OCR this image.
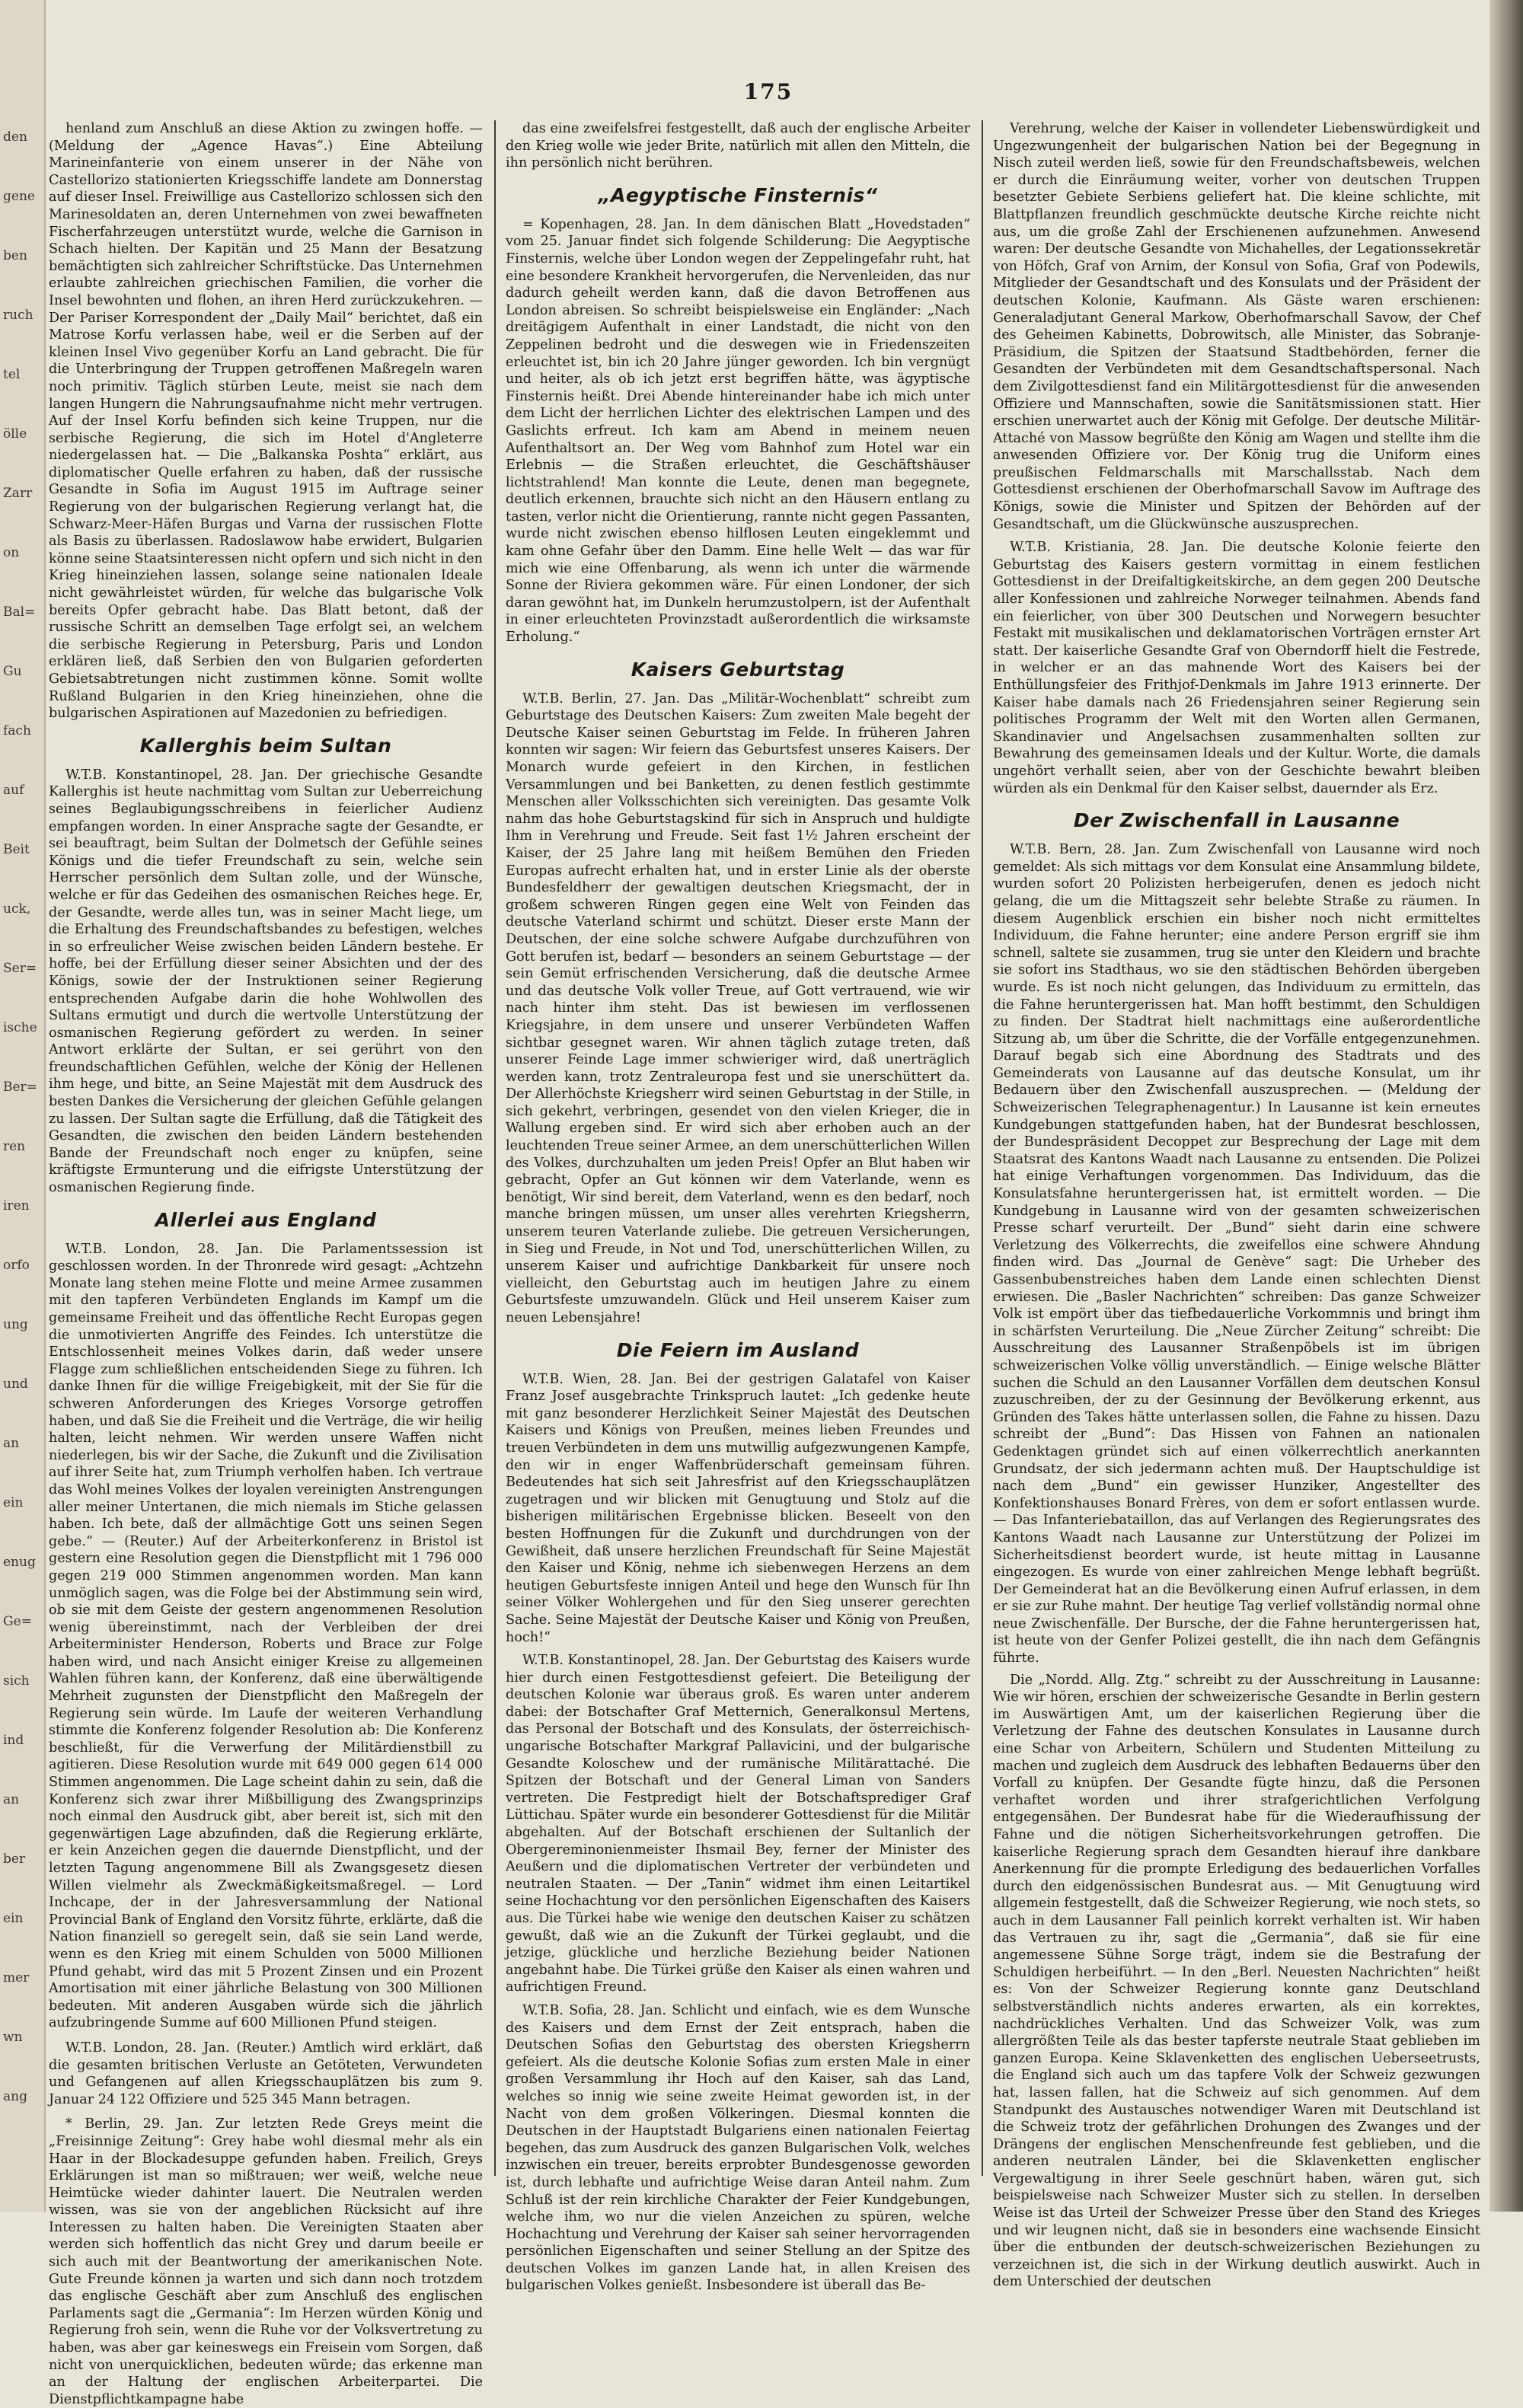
den
gene
ben
ruch
tel
ölle
Zarr
on
Bal=
Gu
fach
auf
Beit
uck,
Ser=
ische
Ber=
ren
iren
orfo
ung
und
an
ein
enug
Ge=
sich
ind
an
ber
ein
mer
wn
ang
175

henland zum Anschluß an diese Aktion zu zwingen hoffe. — (Meldung der „Agence Havas“.) Eine Abteilung Marineinfanterie von einem unserer in der Nähe von Castellorizo stationierten Kriegsschiffe landete am Donnerstag auf dieser Insel. Freiwillige aus Castellorizo schlossen sich den Marinesoldaten an, deren Unternehmen von zwei bewaffneten Fischerfahrzeugen unterstützt wurde, welche die Garnison in Schach hielten. Der Kapitän und 25 Mann der Besatzung bemächtigten sich zahlreicher Schriftstücke. Das Unternehmen erlaubte zahlreichen griechischen Familien, die vorher die Insel bewohnten und flohen, an ihren Herd zurückzukehren. — Der Pariser Korrespondent der „Daily Mail“ berichtet, daß ein Matrose Korfu verlassen habe, weil er die Serben auf der kleinen Insel Vivo gegenüber Korfu an Land gebracht. Die für die Unterbringung der Truppen getroffenen Maßregeln waren noch primitiv. Täglich stürben Leute, meist sie nach dem langen Hungern die Nahrungsaufnahme nicht mehr vertrugen. Auf der Insel Korfu befinden sich keine Truppen, nur die serbische Regierung, die sich im Hotel d'Angleterre niedergelassen hat. — Die „Balkanska Poshta“ erklärt, aus diplomatischer Quelle erfahren zu haben, daß der russische Gesandte in Sofia im August 1915 im Auftrage seiner Regierung von der bulgarischen Regierung verlangt hat, die Schwarz-Meer-Häfen Burgas und Varna der russischen Flotte als Basis zu überlassen. Radoslawow habe erwidert, Bulgarien könne seine Staatsinteressen nicht opfern und sich nicht in den Krieg hineinziehen lassen, solange seine nationalen Ideale nicht gewährleistet würden, für welche das bulgarische Volk bereits Opfer gebracht habe. Das Blatt betont, daß der russische Schritt an demselben Tage erfolgt sei, an welchem die serbische Regierung in Petersburg, Paris und London erklären ließ, daß Serbien den von Bulgarien geforderten Gebietsabtretungen nicht zustimmen könne. Somit wollte Rußland Bulgarien in den Krieg hineinziehen, ohne die bulgarischen Aspirationen auf Mazedonien zu befriedigen.

Kallerghis beim Sultan

W.T.B. Konstantinopel, 28. Jan. Der griechische Gesandte Kallerghis ist heute nachmittag vom Sultan zur Ueberreichung seines Beglaubigungsschreibens in feierlicher Audienz empfangen worden. In einer Ansprache sagte der Gesandte, er sei beauftragt, beim Sultan der Dolmetsch der Gefühle seines Königs und die tiefer Freundschaft zu sein, welche sein Herrscher persönlich dem Sultan zolle, und der Wünsche, welche er für das Gedeihen des osmanischen Reiches hege. Er, der Gesandte, werde alles tun, was in seiner Macht liege, um die Erhaltung des Freundschaftsbandes zu befestigen, welches in so erfreulicher Weise zwischen beiden Ländern bestehe. Er hoffe, bei der Erfüllung dieser seiner Absichten und der des Königs, sowie der der Instruktionen seiner Regierung entsprechenden Aufgabe darin die hohe Wohlwollen des Sultans ermutigt und durch die wertvolle Unterstützung der osmanischen Regierung gefördert zu werden. In seiner Antwort erklärte der Sultan, er sei gerührt von den freundschaftlichen Gefühlen, welche der König der Hellenen ihm hege, und bitte, an Seine Majestät mit dem Ausdruck des besten Dankes die Versicherung der gleichen Gefühle gelangen zu lassen. Der Sultan sagte die Erfüllung, daß die Tätigkeit des Gesandten, die zwischen den beiden Ländern bestehenden Bande der Freundschaft noch enger zu knüpfen, seine kräftigste Ermunterung und die eifrigste Unterstützung der osmanischen Regierung finde.

Allerlei aus England

W.T.B. London, 28. Jan. Die Parlamentssession ist geschlossen worden. In der Thronrede wird gesagt: „Achtzehn Monate lang stehen meine Flotte und meine Armee zusammen mit den tapferen Verbündeten Englands im Kampf um die gemeinsame Freiheit und das öffentliche Recht Europas gegen die unmotivierten Angriffe des Feindes. Ich unterstütze die Entschlossenheit meines Volkes darin, daß weder unsere Flagge zum schließlichen entscheidenden Siege zu führen. Ich danke Ihnen für die willige Freigebigkeit, mit der Sie für die schweren Anforderungen des Krieges Vorsorge getroffen haben, und daß Sie die Freiheit und die Verträge, die wir heilig halten, leicht nehmen. Wir werden unsere Waffen nicht niederlegen, bis wir der Sache, die Zukunft und die Zivilisation auf ihrer Seite hat, zum Triumph verholfen haben. Ich vertraue das Wohl meines Volkes der loyalen vereinigten Anstrengungen aller meiner Untertanen, die mich niemals im Stiche gelassen haben. Ich bete, daß der allmächtige Gott uns seinen Segen gebe.“ — (Reuter.) Auf der Arbeiterkonferenz in Bristol ist gestern eine Resolution gegen die Dienstpflicht mit 1 796 000 gegen 219 000 Stimmen angenommen worden. Man kann unmöglich sagen, was die Folge bei der Abstimmung sein wird, ob sie mit dem Geiste der gestern angenommenen Resolution wenig übereinstimmt, nach der Verbleiben der drei Arbeiterminister Henderson, Roberts und Brace zur Folge haben wird, und nach Ansicht einiger Kreise zu allgemeinen Wahlen führen kann, der Konferenz, daß eine überwältigende Mehrheit zugunsten der Dienstpflicht den Maßregeln der Regierung sein würde. Im Laufe der weiteren Verhandlung stimmte die Konferenz folgender Resolution ab: Die Konferenz beschließt, für die Verwerfung der Militärdienstbill zu agitieren. Diese Resolution wurde mit 649 000 gegen 614 000 Stimmen angenommen. Die Lage scheint dahin zu sein, daß die Konferenz sich zwar ihrer Mißbilligung des Zwangsprinzips noch einmal den Ausdruck gibt, aber bereit ist, sich mit den gegenwärtigen Lage abzufinden, daß die Regierung erklärte, er kein Anzeichen gegen die dauernde Dienstpflicht, und der letzten Tagung angenommene Bill als Zwangsgesetz diesen Willen vielmehr als Zweckmäßigkeitsmaßregel. — Lord Inchcape, der in der Jahresversammlung der National Provincial Bank of England den Vorsitz führte, erklärte, daß die Nation finanziell so geregelt sein, daß sie sein Land werde, wenn es den Krieg mit einem Schulden von 5000 Millionen Pfund gehabt, wird das mit 5 Prozent Zinsen und ein Prozent Amortisation mit einer jährliche Belastung von 300 Millionen bedeuten. Mit anderen Ausgaben würde sich die jährlich aufzubringende Summe auf 600 Millionen Pfund steigen.

W.T.B. London, 28. Jan. (Reuter.) Amtlich wird erklärt, daß die gesamten britischen Verluste an Getöteten, Verwundeten und Gefangenen auf allen Kriegsschauplätzen bis zum 9. Januar 24 122 Offiziere und 525 345 Mann betragen.

* Berlin, 29. Jan. Zur letzten Rede Greys meint die „Freisinnige Zeitung“: Grey habe wohl diesmal mehr als ein Haar in der Blockadesuppe gefunden haben. Freilich, Greys Erklärungen ist man so mißtrauen; wer weiß, welche neue Heimtücke wieder dahinter lauert. Die Neutralen werden wissen, was sie von der angeblichen Rücksicht auf ihre Interessen zu halten haben. Die Vereinigten Staaten aber werden sich hoffentlich das nicht Grey und darum beeile er sich auch mit der Beantwortung der amerikanischen Note. Gute Freunde können ja warten und sich dann noch trotzdem das englische Geschäft aber zum Anschluß des englischen Parlaments sagt die „Germania“: Im Herzen würden König und Regierung froh sein, wenn die Ruhe vor der Volksvertretung zu haben, was aber gar keineswegs ein Freisein vom Sorgen, daß nicht von unerquicklichen, bedeuten würde; das erkenne man an der Haltung der englischen Arbeiterpartei. Die Dienstpflichtkampagne habe

das eine zweifelsfrei festgestellt, daß auch der englische Arbeiter den Krieg wolle wie jeder Brite, natürlich mit allen den Mitteln, die ihn persönlich nicht berühren.

„Aegyptische Finsternis“

= Kopenhagen, 28. Jan. In dem dänischen Blatt „Hovedstaden“ vom 25. Januar findet sich folgende Schilderung: Die Aegyptische Finsternis, welche über London wegen der Zeppelingefahr ruht, hat eine besondere Krankheit hervorgerufen, die Nervenleiden, das nur dadurch geheilt werden kann, daß die davon Betroffenen aus London abreisen. So schreibt beispielsweise ein Engländer: „Nach dreitägigem Aufenthalt in einer Landstadt, die nicht von den Zeppelinen bedroht und die deswegen wie in Friedenszeiten erleuchtet ist, bin ich 20 Jahre jünger geworden. Ich bin vergnügt und heiter, als ob ich jetzt erst begriffen hätte, was ägyptische Finsternis heißt. Drei Abende hintereinander habe ich mich unter dem Licht der herrlichen Lichter des elektrischen Lampen und des Gaslichts erfreut. Ich kam am Abend in meinem neuen Aufenthaltsort an. Der Weg vom Bahnhof zum Hotel war ein Erlebnis — die Straßen erleuchtet, die Geschäftshäuser lichtstrahlend! Man konnte die Leute, denen man begegnete, deutlich erkennen, brauchte sich nicht an den Häusern entlang zu tasten, verlor nicht die Orientierung, rannte nicht gegen Passanten, wurde nicht zwischen ebenso hilflosen Leuten eingeklemmt und kam ohne Gefahr über den Damm. Eine helle Welt — das war für mich wie eine Offenbarung, als wenn ich unter die wärmende Sonne der Riviera gekommen wäre. Für einen Londoner, der sich daran gewöhnt hat, im Dunkeln herumzustolpern, ist der Aufenthalt in einer erleuchteten Provinzstadt außerordentlich die wirksamste Erholung.“

Kaisers Geburtstag

W.T.B. Berlin, 27. Jan. Das „Militär-Wochenblatt“ schreibt zum Geburtstage des Deutschen Kaisers: Zum zweiten Male begeht der Deutsche Kaiser seinen Geburtstag im Felde. In früheren Jahren konnten wir sagen: Wir feiern das Geburtsfest unseres Kaisers. Der Monarch wurde gefeiert in den Kirchen, in festlichen Versammlungen und bei Banketten, zu denen festlich gestimmte Menschen aller Volksschichten sich vereinigten. Das gesamte Volk nahm das hohe Geburtstagskind für sich in Anspruch und huldigte Ihm in Verehrung und Freude. Seit fast 1½ Jahren erscheint der Kaiser, der 25 Jahre lang mit heißem Bemühen den Frieden Europas aufrecht erhalten hat, und in erster Linie als der oberste Bundesfeldherr der gewaltigen deutschen Kriegsmacht, der in großem schweren Ringen gegen eine Welt von Feinden das deutsche Vaterland schirmt und schützt. Dieser erste Mann der Deutschen, der eine solche schwere Aufgabe durchzuführen von Gott berufen ist, bedarf — besonders an seinem Geburtstage — der sein Gemüt erfrischenden Versicherung, daß die deutsche Armee und das deutsche Volk voller Treue, auf Gott vertrauend, wie wir nach hinter ihm steht. Das ist bewiesen im verflossenen Kriegsjahre, in dem unsere und unserer Verbündeten Waffen sichtbar gesegnet waren. Wir ahnen täglich zutage treten, daß unserer Feinde Lage immer schwieriger wird, daß unerträglich werden kann, trotz Zentraleuropa fest und sie unerschüttert da. Der Allerhöchste Kriegsherr wird seinen Geburtstag in der Stille, in sich gekehrt, verbringen, gesendet von den vielen Krieger, die in Wallung ergeben sind. Er wird sich aber erhoben auch an der leuchtenden Treue seiner Armee, an dem unerschütterlichen Willen des Volkes, durchzuhalten um jeden Preis! Opfer an Blut haben wir gebracht, Opfer an Gut können wir dem Vaterlande, wenn es benötigt, Wir sind bereit, dem Vaterland, wenn es den bedarf, noch manche bringen müssen, um unser alles verehrten Kriegsherrn, unserem teuren Vaterlande zuliebe. Die getreuen Versicherungen, in Sieg und Freude, in Not und Tod, unerschütterlichen Willen, zu unserem Kaiser und aufrichtige Dankbarkeit für unsere noch vielleicht, den Geburtstag auch im heutigen Jahre zu einem Geburtsfeste umzuwandeln. Glück und Heil unserem Kaiser zum neuen Lebensjahre!

Die Feiern im Ausland

W.T.B. Wien, 28. Jan. Bei der gestrigen Galatafel von Kaiser Franz Josef ausgebrachte Trinkspruch lautet: „Ich gedenke heute mit ganz besonderer Herzlichkeit Seiner Majestät des Deutschen Kaisers und Königs von Preußen, meines lieben Freundes und treuen Verbündeten in dem uns mutwillig aufgezwungenen Kampfe, den wir in enger Waffenbrüderschaft gemeinsam führen. Bedeutendes hat sich seit Jahresfrist auf den Kriegsschauplätzen zugetragen und wir blicken mit Genugtuung und Stolz auf die bisherigen militärischen Ergebnisse blicken. Beseelt von den besten Hoffnungen für die Zukunft und durchdrungen von der Gewißheit, daß unsere herzlichen Freundschaft für Seine Majestät den Kaiser und König, nehme ich siebenwegen Herzens an dem heutigen Geburtsfeste innigen Anteil und hege den Wunsch für Ihn seiner Völker Wohlergehen und für den Sieg unserer gerechten Sache. Seine Majestät der Deutsche Kaiser und König von Preußen, hoch!“

W.T.B. Konstantinopel, 28. Jan. Der Geburtstag des Kaisers wurde hier durch einen Festgottesdienst gefeiert. Die Beteiligung der deutschen Kolonie war überaus groß. Es waren unter anderem dabei: der Botschafter Graf Metternich, Generalkonsul Mertens, das Personal der Botschaft und des Konsulats, der österreichisch-ungarische Botschafter Markgraf Pallavicini, und der bulgarische Gesandte Koloschew und der rumänische Militärattaché. Die Spitzen der Botschaft und der General Liman von Sanders vertreten. Die Festpredigt hielt der Botschaftsprediger Graf Lüttichau. Später wurde ein besonderer Gottesdienst für die Militär abgehalten. Auf der Botschaft erschienen der Sultanlich der Obergereminonienmeister Ihsmail Bey, ferner der Minister des Aeußern und die diplomatischen Vertreter der verbündeten und neutralen Staaten. — Der „Tanin“ widmet ihm einen Leitartikel seine Hochachtung vor den persönlichen Eigenschaften des Kaisers aus. Die Türkei habe wie wenige den deutschen Kaiser zu schätzen gewußt, daß wie an die Zukunft der Türkei geglaubt, und die jetzige, glückliche und herzliche Beziehung beider Nationen angebahnt habe. Die Türkei grüße den Kaiser als einen wahren und aufrichtigen Freund.

W.T.B. Sofia, 28. Jan. Schlicht und einfach, wie es dem Wunsche des Kaisers und dem Ernst der Zeit entsprach, haben die Deutschen Sofias den Geburtstag des obersten Kriegsherrn gefeiert. Als die deutsche Kolonie Sofias zum ersten Male in einer großen Versammlung ihr Hoch auf den Kaiser, sah das Land, welches so innig wie seine zweite Heimat geworden ist, in der Nacht von dem großen Völkeringen. Diesmal konnten die Deutschen in der Hauptstadt Bulgariens einen nationalen Feiertag begehen, das zum Ausdruck des ganzen Bulgarischen Volk, welches inzwischen ein treuer, bereits erprobter Bundesgenosse geworden ist, durch lebhafte und aufrichtige Weise daran Anteil nahm. Zum Schluß ist der rein kirchliche Charakter der Feier Kundgebungen, welche ihm, wo nur die vielen Anzeichen zu spüren, welche Hochachtung und Verehrung der Kaiser sah seiner hervorragenden persönlichen Eigenschaften und seiner Stellung an der Spitze des deutschen Volkes im ganzen Lande hat, in allen Kreisen des bulgarischen Volkes genießt. Insbesondere ist überall das Be-

Verehrung, welche der Kaiser in vollendeter Liebenswürdigkeit und Ungezwungenheit der bulgarischen Nation bei der Begegnung in Nisch zuteil werden ließ, sowie für den Freundschaftsbeweis, welchen er durch die Einräumung weiter, vorher von deutschen Truppen besetzter Gebiete Serbiens geliefert hat. Die kleine schlichte, mit Blattpflanzen freundlich geschmückte deutsche Kirche reichte nicht aus, um die große Zahl der Erschienenen aufzunehmen. Anwesend waren: Der deutsche Gesandte von Michahelles, der Legationssekretär von Höfch, Graf von Arnim, der Konsul von Sofia, Graf von Podewils, Mitglieder der Gesandtschaft und des Konsulats und der Präsident der deutschen Kolonie, Kaufmann. Als Gäste waren erschienen: Generaladjutant General Markow, Oberhofmarschall Savow, der Chef des Geheimen Kabinetts, Dobrowitsch, alle Minister, das Sobranje-Präsidium, die Spitzen der Staatsund Stadtbehörden, ferner die Gesandten der Verbündeten mit dem Gesandtschaftspersonal. Nach dem Zivilgottesdienst fand ein Militärgottesdienst für die anwesenden Offiziere und Mannschaften, sowie die Sanitätsmissionen statt. Hier erschien unerwartet auch der König mit Gefolge. Der deutsche Militär-Attaché von Massow begrüßte den König am Wagen und stellte ihm die anwesenden Offiziere vor. Der König trug die Uniform eines preußischen Feldmarschalls mit Marschallsstab. Nach dem Gottesdienst erschienen der Oberhofmarschall Savow im Auftrage des Königs, sowie die Minister und Spitzen der Behörden auf der Gesandtschaft, um die Glückwünsche auszusprechen.

W.T.B. Kristiania, 28. Jan. Die deutsche Kolonie feierte den Geburtstag des Kaisers gestern vormittag in einem festlichen Gottesdienst in der Dreifaltigkeitskirche, an dem gegen 200 Deutsche aller Konfessionen und zahlreiche Norweger teilnahmen. Abends fand ein feierlicher, von über 300 Deutschen und Norwegern besuchter Festakt mit musikalischen und deklamatorischen Vorträgen ernster Art statt. Der kaiserliche Gesandte Graf von Oberndorff hielt die Festrede, in welcher er an das mahnende Wort des Kaisers bei der Enthüllungsfeier des Frithjof-Denkmals im Jahre 1913 erinnerte. Der Kaiser habe damals nach 26 Friedensjahren seiner Regierung sein politisches Programm der Welt mit den Worten allen Germanen, Skandinavier und Angelsachsen zusammenhalten sollten zur Bewahrung des gemeinsamen Ideals und der Kultur. Worte, die damals ungehört verhallt seien, aber von der Geschichte bewahrt bleiben würden als ein Denkmal für den Kaiser selbst, dauernder als Erz.

Der Zwischenfall in Lausanne

W.T.B. Bern, 28. Jan. Zum Zwischenfall von Lausanne wird noch gemeldet: Als sich mittags vor dem Konsulat eine Ansammlung bildete, wurden sofort 20 Polizisten herbeigerufen, denen es jedoch nicht gelang, die um die Mittagszeit sehr belebte Straße zu räumen. In diesem Augenblick erschien ein bisher noch nicht ermitteltes Individuum, die Fahne herunter; eine andere Person ergriff sie ihm schnell, saltete sie zusammen, trug sie unter den Kleidern und brachte sie sofort ins Stadthaus, wo sie den städtischen Behörden übergeben wurde. Es ist noch nicht gelungen, das Individuum zu ermitteln, das die Fahne heruntergerissen hat. Man hofft bestimmt, den Schuldigen zu finden. Der Stadtrat hielt nachmittags eine außerordentliche Sitzung ab, um über die Schritte, die der Vorfälle entgegenzunehmen. Darauf begab sich eine Abordnung des Stadtrats und des Gemeinderats von Lausanne auf das deutsche Konsulat, um ihr Bedauern über den Zwischenfall auszusprechen. — (Meldung der Schweizerischen Telegraphenagentur.) In Lausanne ist kein erneutes Kundgebungen stattgefunden haben, hat der Bundesrat beschlossen, der Bundespräsident Decoppet zur Besprechung der Lage mit dem Staatsrat des Kantons Waadt nach Lausanne zu entsenden. Die Polizei hat einige Verhaftungen vorgenommen. Das Individuum, das die Konsulatsfahne heruntergerissen hat, ist ermittelt worden. — Die Kundgebung in Lausanne wird von der gesamten schweizerischen Presse scharf verurteilt. Der „Bund“ sieht darin eine schwere Verletzung des Völkerrechts, die zweifellos eine schwere Ahndung finden wird. Das „Journal de Genève“ sagt: Die Urheber des Gassenbubenstreiches haben dem Lande einen schlechten Dienst erwiesen. Die „Basler Nachrichten“ schreiben: Das ganze Schweizer Volk ist empört über das tiefbedauerliche Vorkommnis und bringt ihm in schärfsten Verurteilung. Die „Neue Zürcher Zeitung“ schreibt: Die Ausschreitung des Lausanner Straßenpöbels ist im übrigen schweizerischen Volke völlig unverständlich. — Einige welsche Blätter suchen die Schuld an den Lausanner Vorfällen dem deutschen Konsul zuzuschreiben, der zu der Gesinnung der Bevölkerung erkennt, aus Gründen des Takes hätte unterlassen sollen, die Fahne zu hissen. Dazu schreibt der „Bund“: Das Hissen von Fahnen an nationalen Gedenktagen gründet sich auf einen völkerrechtlich anerkannten Grundsatz, der sich jedermann achten muß. Der Hauptschuldige ist nach dem „Bund“ ein gewisser Hunziker, Angestellter des Konfektionshauses Bonard Frères, von dem er sofort entlassen wurde. — Das Infanteriebataillon, das auf Verlangen des Regierungsrates des Kantons Waadt nach Lausanne zur Unterstützung der Polizei im Sicherheitsdienst beordert wurde, ist heute mittag in Lausanne eingezogen. Es wurde von einer zahlreichen Menge lebhaft begrüßt. Der Gemeinderat hat an die Bevölkerung einen Aufruf erlassen, in dem er sie zur Ruhe mahnt. Der heutige Tag verlief vollständig normal ohne neue Zwischenfälle. Der Bursche, der die Fahne heruntergerissen hat, ist heute von der Genfer Polizei gestellt, die ihn nach dem Gefängnis führte.

Die „Nordd. Allg. Ztg.“ schreibt zu der Ausschreitung in Lausanne: Wie wir hören, erschien der schweizerische Gesandte in Berlin gestern im Auswärtigen Amt, um der kaiserlichen Regierung über die Verletzung der Fahne des deutschen Konsulates in Lausanne durch eine Schar von Arbeitern, Schülern und Studenten Mitteilung zu machen und zugleich dem Ausdruck des lebhaften Bedauerns über den Vorfall zu knüpfen. Der Gesandte fügte hinzu, daß die Personen verhaftet worden und ihrer strafgerichtlichen Verfolgung entgegensähen. Der Bundesrat habe für die Wiederaufhissung der Fahne und die nötigen Sicherheitsvorkehrungen getroffen. Die kaiserliche Regierung sprach dem Gesandten hierauf ihre dankbare Anerkennung für die prompte Erledigung des bedauerlichen Vorfalles durch den eidgenössischen Bundesrat aus. — Mit Genugtuung wird allgemein festgestellt, daß die Schweizer Regierung, wie noch stets, so auch in dem Lausanner Fall peinlich korrekt verhalten ist. Wir haben das Vertrauen zu ihr, sagt die „Germania“, daß sie für eine angemessene Sühne Sorge trägt, indem sie die Bestrafung der Schuldigen herbeiführt. — In den „Berl. Neuesten Nachrichten“ heißt es: Von der Schweizer Regierung konnte ganz Deutschland selbstverständlich nichts anderes erwarten, als ein korrektes, nachdrückliches Verhalten. Und das Schweizer Volk, was zum allergrößten Teile als das bester tapferste neutrale Staat geblieben im ganzen Europa. Keine Sklavenketten des englischen Ueberseetrusts, die England sich auch um das tapfere Volk der Schweiz gezwungen hat, lassen fallen, hat die Schweiz auf sich genommen. Auf dem Standpunkt des Austausches notwendiger Waren mit Deutschland ist die Schweiz trotz der gefährlichen Drohungen des Zwanges und der Drängens der englischen Menschenfreunde fest geblieben, und die anderen neutralen Länder, bei die Sklavenketten englischer Vergewaltigung in ihrer Seele geschnürt haben, wären gut, sich beispielsweise nach Schweizer Muster sich zu stellen. In derselben Weise ist das Urteil der Schweizer Presse über den Stand des Krieges und wir leugnen nicht, daß sie in besonders eine wachsende Einsicht über die entbunden der deutsch-schweizerischen Beziehungen zu verzeichnen ist, die sich in der Wirkung deutlich auswirkt. Auch in dem Unterschied der deutschen
